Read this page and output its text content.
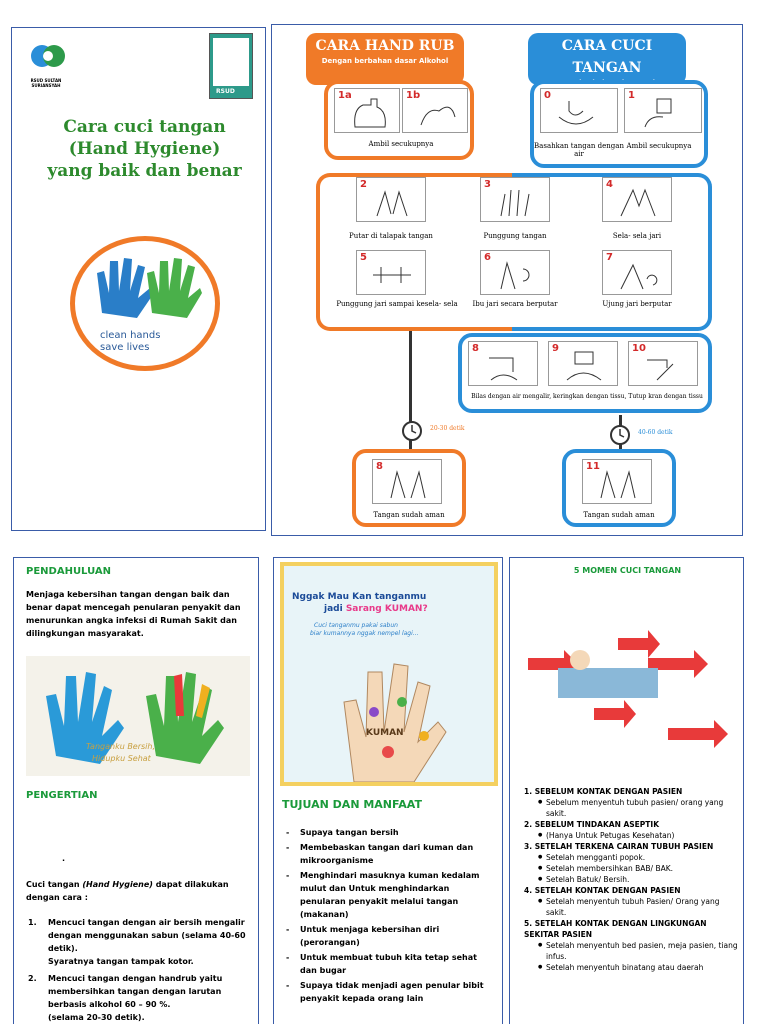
RSUD SULTAN SURIANSYAH
RSUD
Cara cuci tangan
(Hand Hygiene)
yang baik dan benar
clean hands
save lives
CARA HAND RUB
Dengan berbahan dasar Alkohol
CARA CUCI TANGAN
1a	1b
Ambil secukupnya
0	1
Basahkan tangan dengan air
Ambil secukupnya
2	3	4
Putar di talapak tangan	Punggung tangan	Sela- sela jari
5	6	7
Punggung jari sampai kesela- sela	Ibu jari secara berputar	Ujung jari berputar
8	9	10
Bilas dengan air mengalir, keringkan dengan tissu, Tutup kran dengan tissu
20-30 detik
40-60 detik
8
Tangan sudah aman
11
Tangan sudah aman
PENDAHULUAN
Menjaga kebersihan tangan dengan baik dan benar dapat mencegah penularan penyakit dan menurunkan angka infeksi di Rumah Sakit dan dilingkungan masyarakat.
Tanganku Bersih,
Hidupku Sehat
PENGERTIAN
.
Cuci tangan (Hand Hygiene) dapat dilakukan dengan cara :
1. Mencuci tangan dengan air bersih mengalir dengan menggunakan sabun (selama 40-60 detik).
Syaratnya tangan tampak kotor.
2. Mencuci tangan dengan handrub yaitu membersihkan tangan dengan larutan berbasis alkohol 60 – 90 %.
(selama 20-30 detik).
Nggak Mau Kan tanganmu
jadi Sarang KUMAN?
Cuci tanganmu pakai sabun
biar kumannya nggak nempel lagi...
KUMAN
TUJUAN DAN MANFAAT
- Supaya tangan bersih
- Membebaskan tangan dari kuman dan mikroorganisme
- Menghindari masuknya kuman kedalam mulut dan Untuk menghindarkan penularan penyakit melalui tangan (makanan)
- Untuk menjaga kebersihan diri (perorangan)
- Untuk membuat tubuh kita tetap sehat dan bugar
- Supaya tidak menjadi agen penular bibit penyakit kepada orang lain
5 MOMEN CUCI TANGAN
1. SEBELUM KONTAK DENGAN PASIEN
● Sebelum menyentuh tubuh pasien/ orang yang sakit.
2. SEBELUM TINDAKAN ASEPTIK
● (Hanya Untuk Petugas Kesehatan)
3. SETELAH TERKENA CAIRAN TUBUH PASIEN
● Setelah mengganti popok.
● Setelah membersihkan BAB/ BAK.
● Setelah Batuk/ Bersih.
4. SETELAH KONTAK DENGAN PASIEN
● Setelah menyentuh tubuh Pasien/ Orang yang sakit.
5. SETELAH KONTAK DENGAN LINGKUNGAN SEKITAR PASIEN
● Setelah menyentuh bed pasien, meja pasien, tiang infus.
● Setelah menyentuh binatang atau daerah
